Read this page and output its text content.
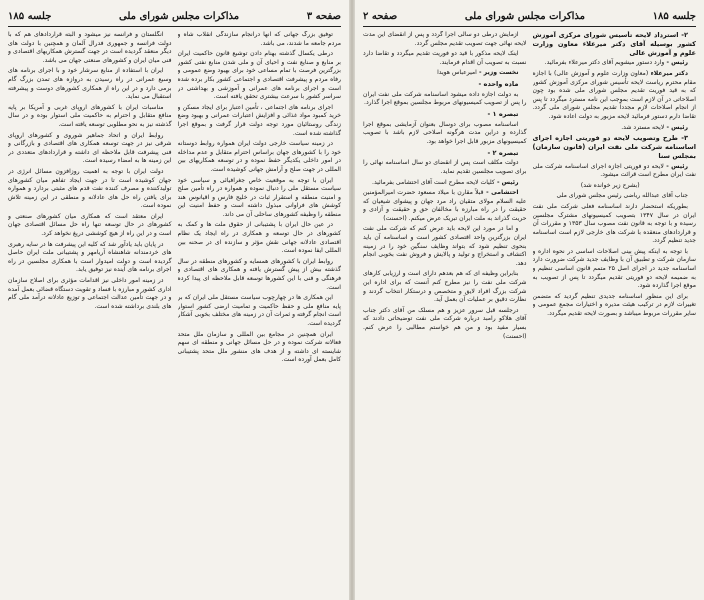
صفحه ۳
مذاکرات مجلس شورای ملی
جلسه ۱۸۵

توفیق بزرگ جهانی که آنها درانجام سازندگی انقلاب شاه و مردم جامعه ما شدند، می باشد.

درطی یکسال گذشته بهنام دادن توشیع قانون حاکمیت ایران بر منابع و صنایع نفت و احیای آن و ملی شدن منابع نفتی کشور بزرگترین فرصت با تمام مساعی خود برای بهبود وضع عمومی و رفاه مردم و پیشرفت اقتصادی و اجتماعی کشور بکار برده شده است و اجرای برنامه های عمرانی و آموزشی و بهداشتی در سراسر کشور با سرعت بیشتری تحقق یافته است.

اجرای برنامه های اجتماعی ، تأمین اعتبار برای ایجاد مسکن و خرید کمبود مواد غذائی و افزایش اعتبارات عمرانی و بهبود وضع زندگی روستائیان مورد توجه دولت قرار گرفت و بموقع اجرا گذاشته شده است.

در زمینه سیاست خارجی دولت ایران همواره روابط دوستانه خود را با کشورهای جهان براساس احترام متقابل و عدم مداخله در امور داخلی یکدیگر حفظ نموده و در توسعه همکاریهای بین المللی در جهت صلح و آرامش جهانی کوشیده است.

ایران با توجه به موقعیت خاص جغرافیائی و سیاسی خود سیاست مستقل ملی را دنبال نموده و همواره در راه تأمین صلح و امنیت منطقه و استقرار ثبات در خلیج فارس و اقیانوس هند کوشش های فراوانی مبذول داشته است و حفظ امنیت این منطقه را وظیفه کشورهای ساحلی آن می داند.

در عین حال ایران با پشتیبانی از حقوق ملت ها و کمک به کشورهای در حال توسعه و همکاری در راه ایجاد یک نظام اقتصادی عادلانه جهانی نقش مؤثر و سازنده ای در صحنه بین المللی ایفا نموده است.

روابط ایران با کشورهای همسایه و کشورهای منطقه در سال گذشته بیش از پیش گسترش یافته و همکاری های اقتصادی و فرهنگی و فنی با این کشورها توسعه قابل ملاحظه ای پیدا کرده است.

این همکاری ها در چهارچوب سیاست مستقل ملی ایران که بر پایه منافع ملی و حفظ حاکمیت و تمامیت ارضی کشور استوار است انجام گرفته و ثمرات آن در زمینه های مختلف بخوبی آشکار گردیده است.

ایران همچنین در مجامع بین المللی و سازمان ملل متحد فعالانه شرکت نموده و در حل مسائل جهانی و منطقه ای سهم شایسته ای داشته و از هدف های منشور ملل متحد پشتیبانی کامل بعمل آورده است.

انگلستان و فرانسه نیز میشود و البته قراردادهای هم که با دولت فرانسه و جمهوری فدرال آلمان و همچنین با دولت های دیگر منعقد گردیده است در جهت گسترش همکاریهای اقتصادی و فنی میان ایران و کشورهای صنعتی جهان می باشد.

ایران با استفاده از منابع سرشار خود و با اجرای برنامه های وسیع عمرانی در راه رسیدن به دروازه های تمدن بزرگ گام برمی دارد و در این راه از همکاری کشورهای دوست و پیشرفته استقبال می نماید.

مناسبات ایران با کشورهای اروپای غربی و آمریکا بر پایه منافع متقابل و احترام به حاکمیت ملی استوار بوده و در سال گذشته نیز به نحو مطلوبی توسعه یافته است.

روابط ایران و اتحاد جماهیر شوروی و کشورهای اروپای شرقی نیز در جهت توسعه همکاری های اقتصادی و بازرگانی و فنی پیشرفت قابل ملاحظه ای داشته و قراردادهای متعددی در این زمینه ها به امضاء رسیده است.

دولت ایران با توجه به اهمیت روزافزون مسائل انرژی در جهان کوشیده است تا در جهت ایجاد تفاهم میان کشورهای تولیدکننده و مصرف کننده نفت قدم های مثبتی بردارد و همواره برای یافتن راه حل های عادلانه و منطقی در این زمینه تلاش نموده است.

ایران معتقد است که همکاری میان کشورهای صنعتی و کشورهای در حال توسعه تنها راه حل مسائل اقتصادی جهان است و در این راه از هیچ کوششی دریغ نخواهد کرد.

در پایان باید یادآور شد که کلیه این پیشرفت ها در سایه رهبری های خردمندانه شاهنشاه آریامهر و پشتیبانی ملت ایران حاصل گردیده است و دولت امیدوار است با همکاری مجلسین در راه اجرای برنامه های آینده نیز توفیق یابد.

در زمینه امور داخلی نیز اقدامات مؤثری برای اصلاح سازمان اداری کشور و مبارزه با فساد و تقویت دستگاه قضائی بعمل آمده و در جهت تأمین عدالت اجتماعی و توزیع عادلانه درآمد ملی گام های بلندی برداشته شده است.

جلسه ۱۸۵
مذاکرات مجلس شورای ملی
صفحه ۲

۲- استرداد لایحه تأسیس شورای مرکزی آموزش کشور بوسیله آقای دکتر میرعلاء معاون وزارت علوم و آموزش عالی

رئیس - وارد دستور میشویم آقای دکتر میرعلاء بفرمائید.

دکتر میرعلاء (معاون وزارت علوم و آموزش عالی) با اجازه مقام محترم ریاست لایحه تأسیس شورای مرکزی آموزش کشور که به قید فوریت تقدیم مجلس شورای ملی شده بود چون اصلاحاتی در آن لازم است بموجب این نامه مسترد میگردد تا پس از انجام اصلاحات لازم مجدداً تقدیم مجلس شورای ملی گردد. تقاضا دارم دستور فرمائید لایحه مزبور به دولت اعاده شود.

رئیس - لایحه مسترد شد.

۳- طرح وتصویب لایحه دو فوریتی اجازه اجرای اساسنامه شرکت ملی نفت ایران (قانون سازمان) بمجلس سنا

رئیس - لایحه دو فوریتی اجازه اجرای اساسنامه شرکت ملی نفت ایران مطرح است قرائت میشود.

(بشرح زیر خوانده شد)

جناب آقای عبدالله ریاضی رئیس مجلس شورای ملی

بطوریکه استحضار دارند اساسنامه فعلی شرکت ملی نفت ایران در سال ۱۳۴۷ بتصویب کمیسیونهای مشترک مجلسین رسیده و با توجه به قانون نفت مصوب سال ۱۳۵۳ و مقررات آن و قراردادهای منعقده با شرکت های خارجی لازم است اساسنامه جدید تنظیم گردد.

با توجه به اینکه پیش بینی اصلاحات اساسی در نحوه اداره و سازمان شرکت و تطبیق آن با وظایف جدید شرکت ضرورت دارد اساسنامه جدید در اجرای اصل ۲۵ متمم قانون اساسی تنظیم و به ضمیمه لایحه دو فوریتی تقدیم میگردد تا پس از تصویب به موقع اجرا گذارده شود.

برای این منظور اساسنامه جدیدی تنظیم گردید که متضمن تغییرات لازم در ترکیب هیئت مدیره و اختیارات مجمع عمومی و سایر مقررات مربوط میباشد و بصورت لایحه تقدیم میگردد.

آزمایش درطی دو سالی اجرا گردد و پس از انقضای این مدت لایحه نهائی جهت تصویب تقدیم مجلس گردد.

اینک لایحه مذکور با قید دو فوریت تقدیم میگردد و تقاضا دارد نسبت به تصویب آن اقدام فرمایند.

نخست وزیر - امیرعباس هویدا

ماده واحده -

به دولت اجازه داده میشود اساسنامه شرکت ملی نفت ایران را پس از تصویب کمیسیونهای مربوط مجلسین بموقع اجرا گذارد.

تبصره ۱ -

اساسنامه مصوب برای دوسال بعنوان آزمایشی بموقع اجرا گذارده و دراین مدت هرگونه اصلاحی لازم باشد با تصویب کمیسیونهای مزبور قابل اجرا خواهد بود.

تبصره ۲ -

دولت مکلف است پس از انقضای دو سال اساسنامه نهائی را برای تصویب مجلسین تقدیم نماید.

رئیس - کلیات لایحه مطرح است آقای احتشامی بفرمائید.

احتشامی - قبلاً مقارن با میلاد مسعود حضرت امیرالمؤمنین علیه السلام مولای متقیان راد مرد جهان و پیشوای شیعیان که حقیقت را در راه مبارزه با مخالفان حق و حقیقت و آزادی و حریت گذراند به ملت ایران تبریک عرض میکنم. (احسنت)

و اما در مورد این لایحه باید عرض کنم که شرکت ملی نفت ایران بزرگترین واحد اقتصادی کشور است و اساسنامه آن باید بنحوی تنظیم شود که بتواند وظایف سنگین خود را در زمینه اکتشاف و استخراج و تولید و پالایش و فروش نفت بخوبی انجام دهد.

بنابراین وظیفه ای که هم بعدهم دارای است و ارزیابی کارهای شرکت ملی نفت را نیز مطرح کنم آنست که برای اداره این شرکت بزرگ افراد لایق و متخصص و درستکار انتخاب گردند و نظارت دقیق بر عملیات آن بعمل آید.

درجلسه قبل سرور عزیز و هم مسلک من آقای دکتر جناب آقای هلاکو رامبد درباره شرکت ملی نفت توضیحاتی دادند که بسیار مفید بود و من هم خواستم مطالبی را عرض کنم. (احسنت)
